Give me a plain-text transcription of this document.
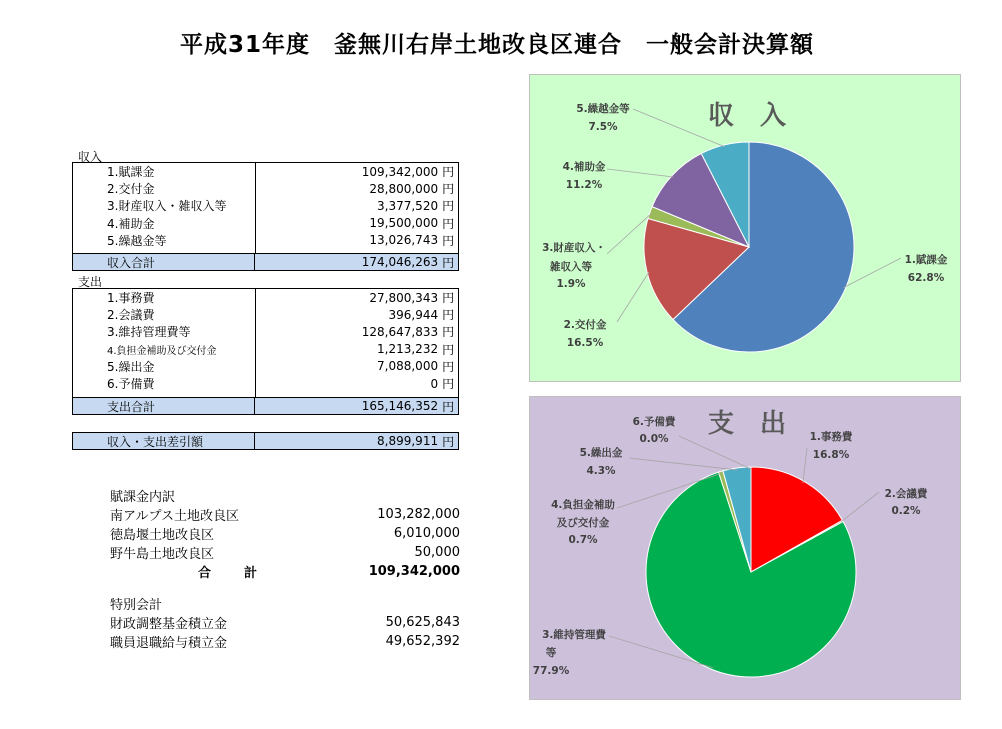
平成31年度　釜無川右岸土地改良区連合　一般会計決算額
収入
1.賦課金	109,342,000 円
2.交付金	28,800,000 円
3.財産収入・雑収入等	3,377,520 円
4.補助金	19,500,000 円
5.繰越金等	13,026,743 円
収入合計	174,046,263 円
支出
1.事務費	27,800,343 円
2.会議費	396,944 円
3.維持管理費等	128,647,833 円
4.負担金補助及び交付金	1,213,232 円
5.繰出金	7,088,000 円
6.予備費	0 円
支出合計	165,146,352 円
収入・支出差引額	8,899,911 円
賦課金内訳
南アルプス土地改良区	103,282,000
徳島堰土地改良区	6,010,000
野牛島土地改良区	50,000
合　計	109,342,000
特別会計
財政調整基金積立金	50,625,843
職員退職給与積立金	49,652,392
収　入
5.繰越金等
7.5%
4.補助金
11.2%
3.財産収入・
雑収入等
1.9%
2.交付金
16.5%
1.賦課金
62.8%
支　出
6.予備費
0.0%	1.事務費
16.8%
5.繰出金
4.3%
2.会議費
0.2%
4.負担金補助
及び交付金
0.7%
3.維持管理費
等
77.9%
